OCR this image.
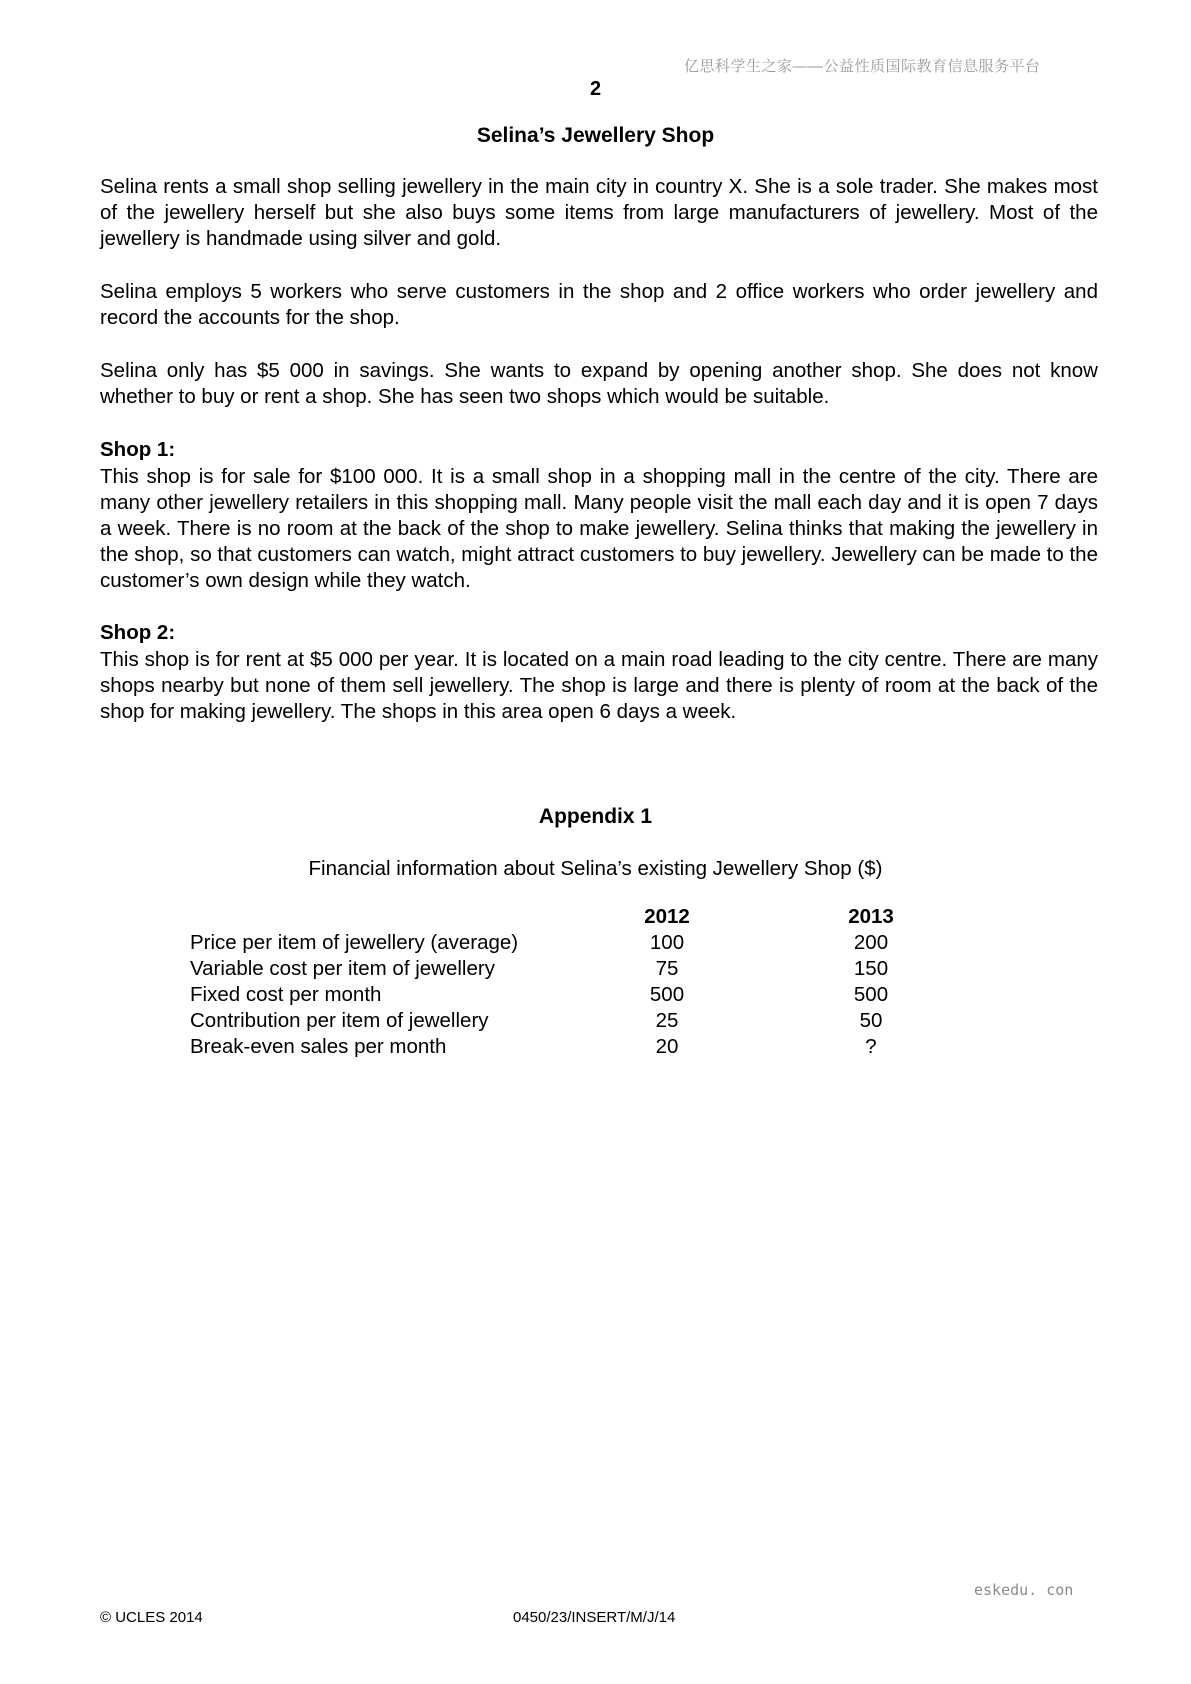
亿思科学生之家——公益性质国际教育信息服务平台
2
Selina’s Jewellery Shop
Selina rents a small shop selling jewellery in the main city in country X. She is a sole trader. She makes most of the jewellery herself but she also buys some items from large manufacturers of jewellery. Most of the jewellery is handmade using silver and gold.
Selina employs 5 workers who serve customers in the shop and 2 office workers who order jewellery and record the accounts for the shop.
Selina only has $5 000 in savings. She wants to expand by opening another shop. She does not know whether to buy or rent a shop. She has seen two shops which would be suitable.
Shop 1:
This shop is for sale for $100 000. It is a small shop in a shopping mall in the centre of the city. There are many other jewellery retailers in this shopping mall. Many people visit the mall each day and it is open 7 days a week. There is no room at the back of the shop to make jewellery. Selina thinks that making the jewellery in the shop, so that customers can watch, might attract customers to buy jewellery. Jewellery can be made to the customer’s own design while they watch.
Shop 2:
This shop is for rent at $5 000 per year. It is located on a main road leading to the city centre. There are many shops nearby but none of them sell jewellery. The shop is large and there is plenty of room at the back of the shop for making jewellery. The shops in this area open 6 days a week.
Appendix 1
Financial information about Selina’s existing Jewellery Shop ($)
	2012		2013
Price per item of jewellery (average)	100		200
Variable cost per item of jewellery	75		150
Fixed cost per month	500		500
Contribution per item of jewellery	25		50
Break-even sales per month	20		?
eskedu. con
© UCLES 2014	0450/23/INSERT/M/J/14
